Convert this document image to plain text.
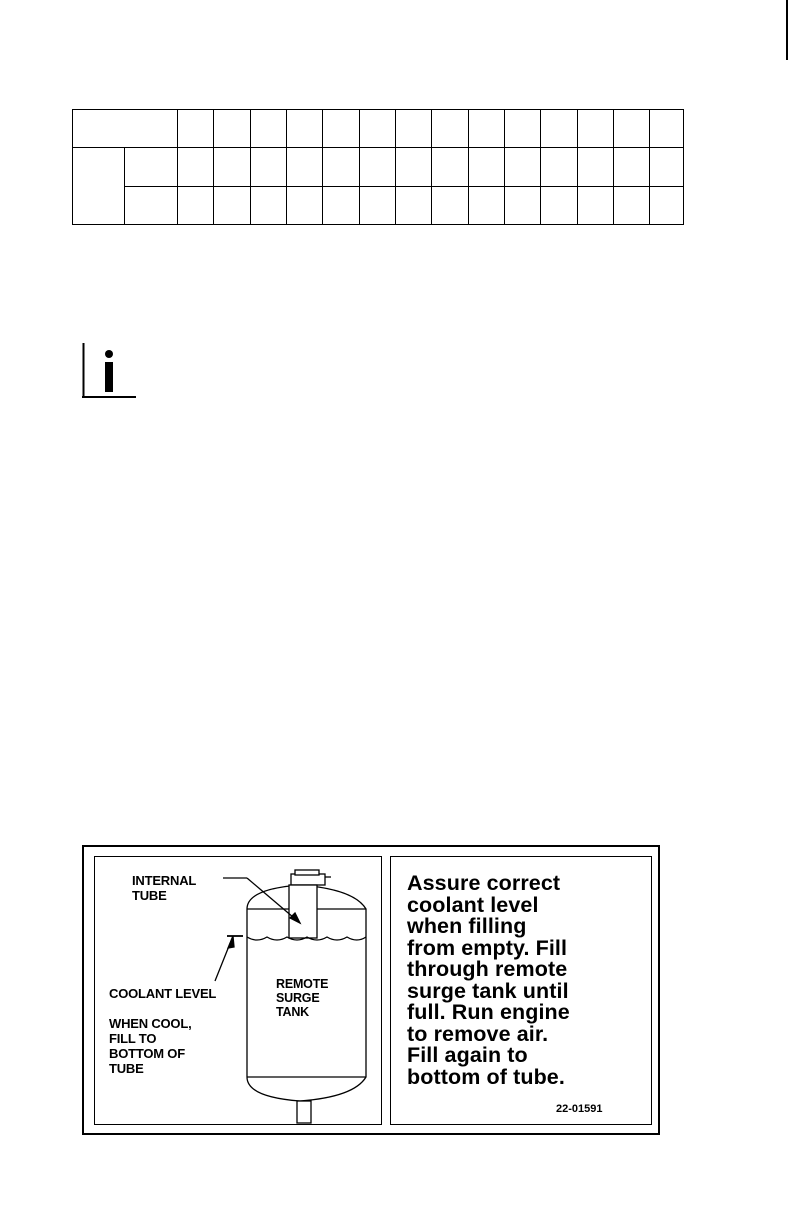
INTERNAL
TUBE
COOLANT LEVEL
WHEN COOL,
FILL TO
BOTTOM OF
TUBE
REMOTE
SURGE
TANK
Assure correct
coolant level
when filling
from empty. Fill
through remote
surge tank until
full. Run engine
to remove air.
Fill again to
bottom of tube.
22-01591
